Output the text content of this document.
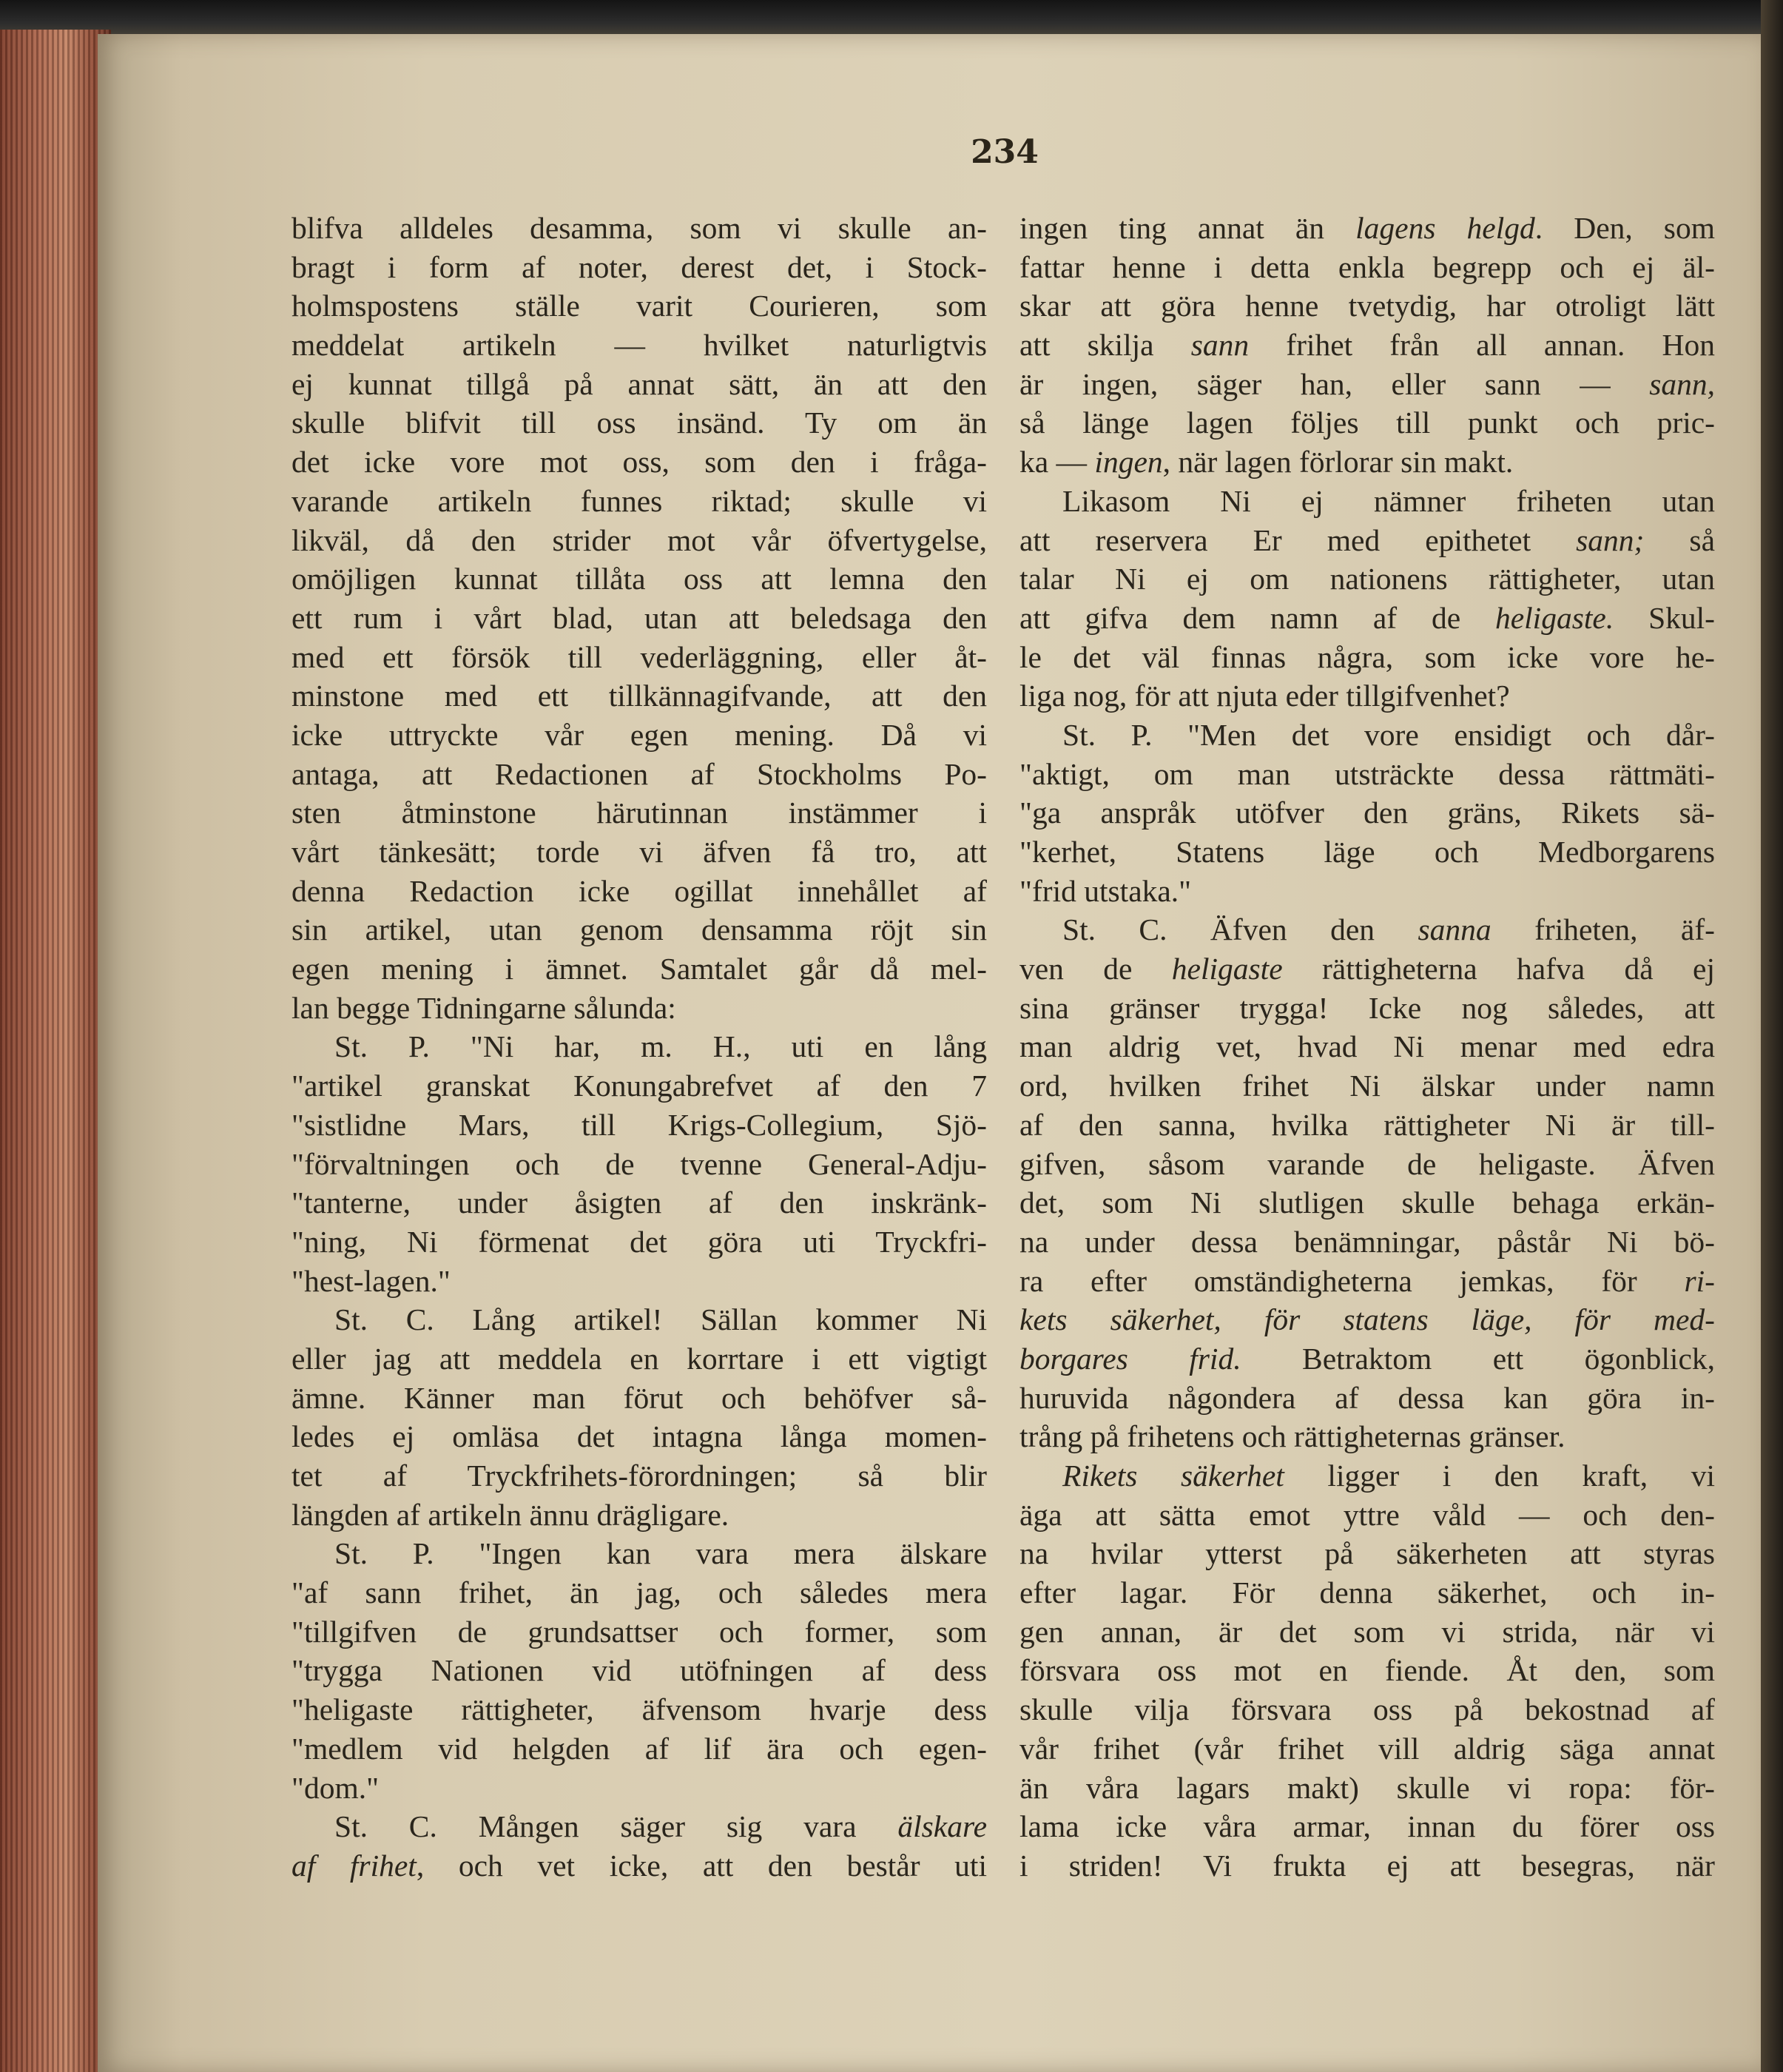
234
blifva alldeles desamma, som vi skulle an-
bragt i form af noter, derest det, i Stock-
holmspostens ställe varit Courieren, som
meddelat artikeln — hvilket naturligtvis
ej kunnat tillgå på annat sätt, än att den
skulle blifvit till oss insänd. Ty om än
det icke vore mot oss, som den i fråga-
varande artikeln funnes riktad; skulle vi
likväl, då den strider mot vår öfvertygelse,
omöjligen kunnat tillåta oss att lemna den
ett rum i vårt blad, utan att beledsaga den
med ett försök till vederläggning, eller åt-
minstone med ett tillkännagifvande, att den
icke uttryckte vår egen mening. Då vi
antaga, att Redactionen af Stockholms Po-
sten åtminstone härutinnan instämmer i
vårt tänkesätt; torde vi äfven få tro, att
denna Redaction icke ogillat innehållet af
sin artikel, utan genom densamma röjt sin
egen mening i ämnet. Samtalet går då mel-
lan begge Tidningarne sålunda:
St. P. "Ni har, m. H., uti en lång
"artikel granskat Konungabrefvet af den 7
"sistlidne Mars, till Krigs-Collegium, Sjö-
"förvaltningen och de tvenne General-Adju-
"tanterne, under åsigten af den inskränk-
"ning, Ni förmenat det göra uti Tryckfri-
"hest-lagen."
St. C. Lång artikel! Sällan kommer Ni
eller jag att meddela en korrtare i ett vigtigt
ämne. Känner man förut och behöfver så-
ledes ej omläsa det intagna långa momen-
tet af Tryckfrihets-förordningen; så blir
längden af artikeln ännu drägligare.
St. P. "Ingen kan vara mera älskare
"af sann frihet, än jag, och således mera
"tillgifven de grundsattser och former, som
"trygga Nationen vid utöfningen af dess
"heligaste rättigheter, äfvensom hvarje dess
"medlem vid helgden af lif ära och egen-
"dom."
St. C. Mången säger sig vara älskare
af frihet, och vet icke, att den består uti
ingen ting annat än lagens helgd. Den, som
fattar henne i detta enkla begrepp och ej äl-
skar att göra henne tvetydig, har otroligt lätt
att skilja sann frihet från all annan. Hon
är ingen, säger han, eller sann — sann,
så länge lagen följes till punkt och pric-
ka — ingen, när lagen förlorar sin makt.
Likasom Ni ej nämner friheten utan
att reservera Er med epithetet sann; så
talar Ni ej om nationens rättigheter, utan
att gifva dem namn af de heligaste. Skul-
le det väl finnas några, som icke vore he-
liga nog, för att njuta eder tillgifvenhet?
St. P. "Men det vore ensidigt och dår-
"aktigt, om man utsträckte dessa rättmäti-
"ga anspråk utöfver den gräns, Rikets sä-
"kerhet, Statens läge och Medborgarens
"frid utstaka."
St. C. Äfven den sanna friheten, äf-
ven de heligaste rättigheterna hafva då ej
sina gränser trygga! Icke nog således, att
man aldrig vet, hvad Ni menar med edra
ord, hvilken frihet Ni älskar under namn
af den sanna, hvilka rättigheter Ni är till-
gifven, såsom varande de heligaste. Äfven
det, som Ni slutligen skulle behaga erkän-
na under dessa benämningar, påstår Ni bö-
ra efter omständigheterna jemkas, för ri-
kets säkerhet, för statens läge, för med-
borgares frid. Betraktom ett ögonblick,
huruvida någondera af dessa kan göra in-
trång på frihetens och rättigheternas gränser.
Rikets säkerhet ligger i den kraft, vi
äga att sätta emot yttre våld — och den-
na hvilar ytterst på säkerheten att styras
efter lagar. För denna säkerhet, och in-
gen annan, är det som vi strida, när vi
försvara oss mot en fiende. Åt den, som
skulle vilja försvara oss på bekostnad af
vår frihet (vår frihet vill aldrig säga annat
än våra lagars makt) skulle vi ropa: för-
lama icke våra armar, innan du förer oss
i striden! Vi frukta ej att besegras, när
